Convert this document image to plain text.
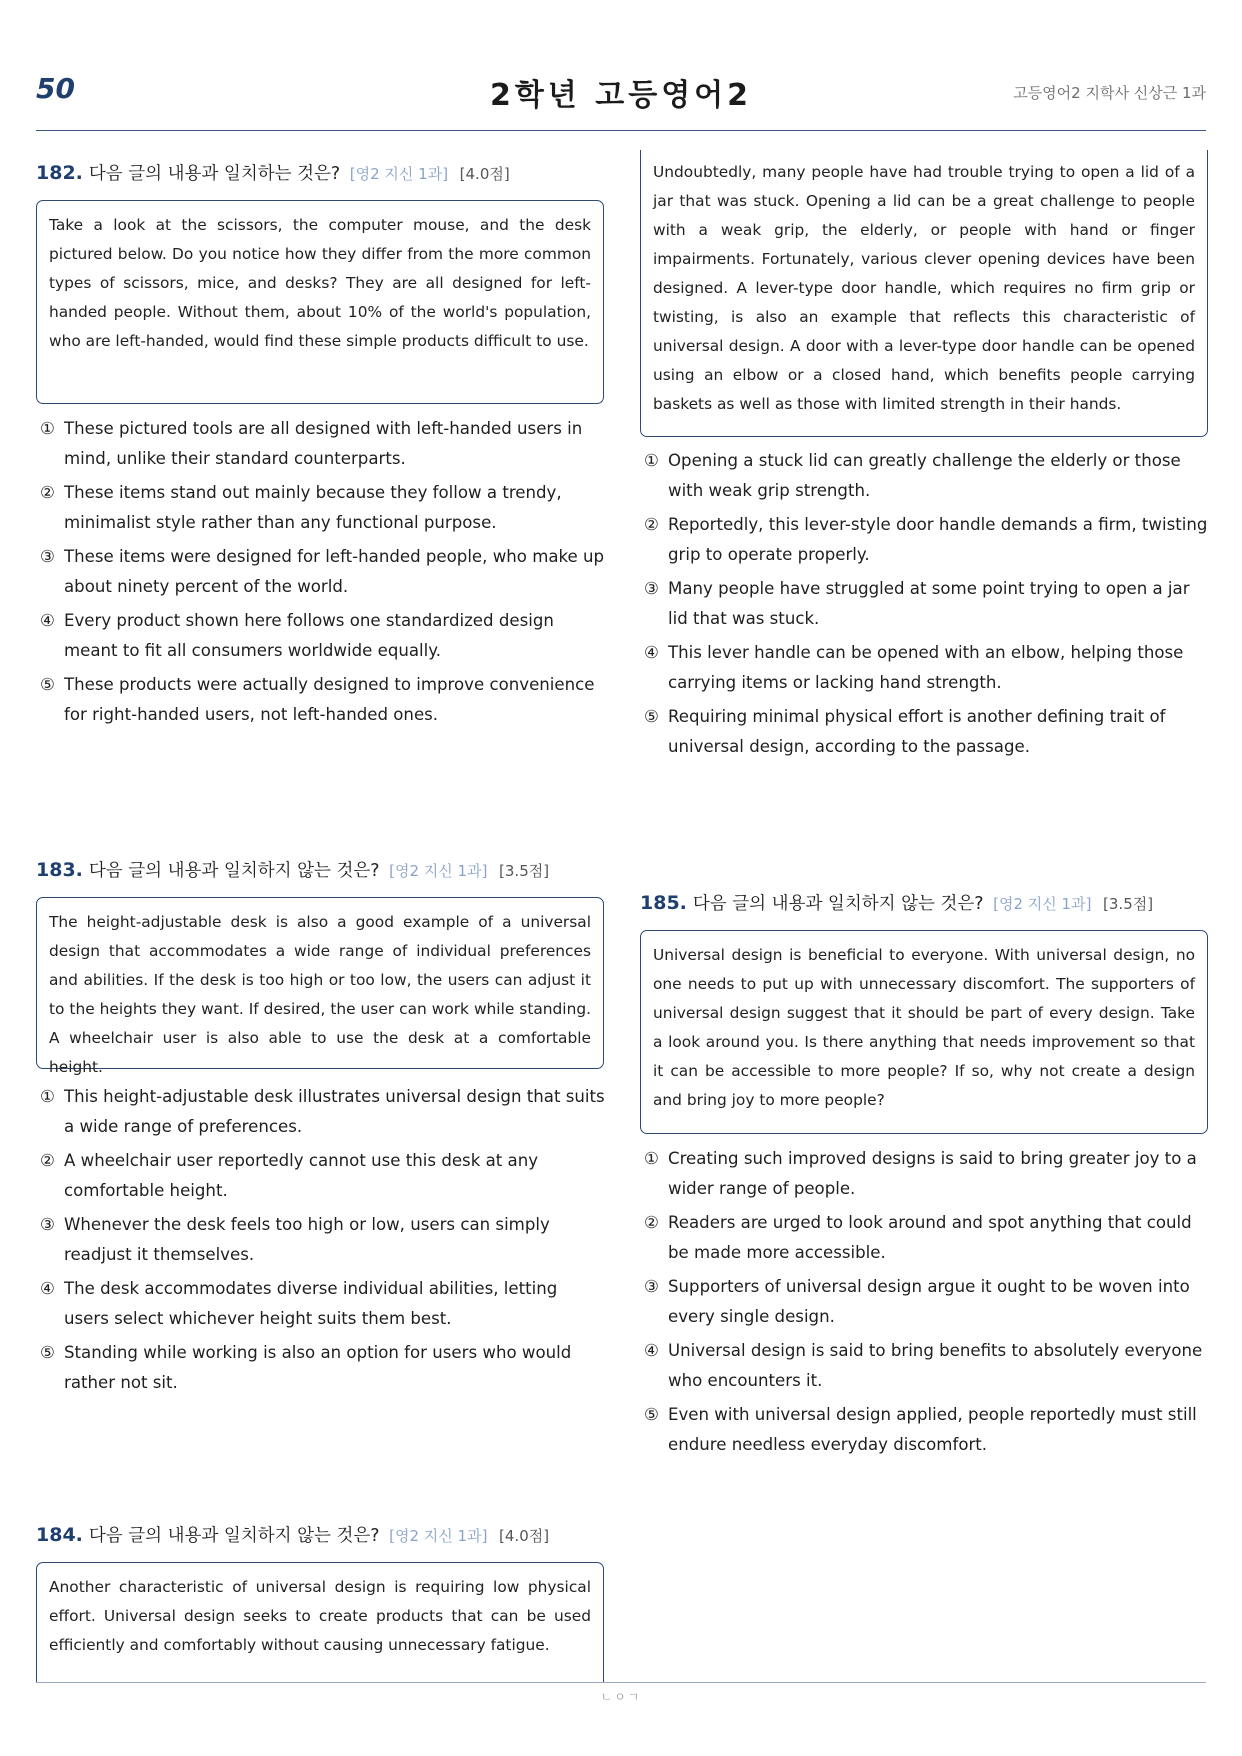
50	2학년 고등영어2	고등영어2 지학사 신상근 1과
182. 다음 글의 내용과 일치하는 것은? [영2 지신 1과] [4.0점]
Take a look at the scissors, the computer mouse, and the desk pictured below. Do you notice how they differ from the more common types of scissors, mice, and desks? They are all designed for left-handed people. Without them, about 10% of the world's population, who are left-handed, would find these simple products difficult to use.
① These pictured tools are all designed with left-handed users in mind, unlike their standard counterparts.
② These items stand out mainly because they follow a trendy, minimalist style rather than any functional purpose.
③ These items were designed for left-handed people, who make up about ninety percent of the world.
④ Every product shown here follows one standardized design meant to fit all consumers worldwide equally.
⑤ These products were actually designed to improve convenience for right-handed users, not left-handed ones.
183. 다음 글의 내용과 일치하지 않는 것은? [영2 지신 1과] [3.5점]
The height-adjustable desk is also a good example of a universal design that accommodates a wide range of individual preferences and abilities. If the desk is too high or too low, the users can adjust it to the heights they want. If desired, the user can work while standing. A wheelchair user is also able to use the desk at a comfortable height.
① This height-adjustable desk illustrates universal design that suits a wide range of preferences.
② A wheelchair user reportedly cannot use this desk at any comfortable height.
③ Whenever the desk feels too high or low, users can simply readjust it themselves.
④ The desk accommodates diverse individual abilities, letting users select whichever height suits them best.
⑤ Standing while working is also an option for users who would rather not sit.
184. 다음 글의 내용과 일치하지 않는 것은? [영2 지신 1과] [4.0점]
Another characteristic of universal design is requiring low physical effort. Universal design seeks to create products that can be used efficiently and comfortably without causing unnecessary fatigue.
Undoubtedly, many people have had trouble trying to open a lid of a jar that was stuck. Opening a lid can be a great challenge to people with a weak grip, the elderly, or people with hand or finger impairments. Fortunately, various clever opening devices have been designed. A lever-type door handle, which requires no firm grip or twisting, is also an example that reflects this characteristic of universal design. A door with a lever-type door handle can be opened using an elbow or a closed hand, which benefits people carrying baskets as well as those with limited strength in their hands.
① Opening a stuck lid can greatly challenge the elderly or those with weak grip strength.
② Reportedly, this lever-style door handle demands a firm, twisting grip to operate properly.
③ Many people have struggled at some point trying to open a jar lid that was stuck.
④ This lever handle can be opened with an elbow, helping those carrying items or lacking hand strength.
⑤ Requiring minimal physical effort is another defining trait of universal design, according to the passage.
185. 다음 글의 내용과 일치하지 않는 것은? [영2 지신 1과] [3.5점]
Universal design is beneficial to everyone. With universal design, no one needs to put up with unnecessary discomfort. The supporters of universal design suggest that it should be part of every design. Take a look around you. Is there anything that needs improvement so that it can be accessible to more people? If so, why not create a design and bring joy to more people?
① Creating such improved designs is said to bring greater joy to a wider range of people.
② Readers are urged to look around and spot anything that could be made more accessible.
③ Supporters of universal design argue it ought to be woven into every single design.
④ Universal design is said to bring benefits to absolutely everyone who encounters it.
⑤ Even with universal design applied, people reportedly must still endure needless everyday discomfort.
ㄴㅇㄱ
